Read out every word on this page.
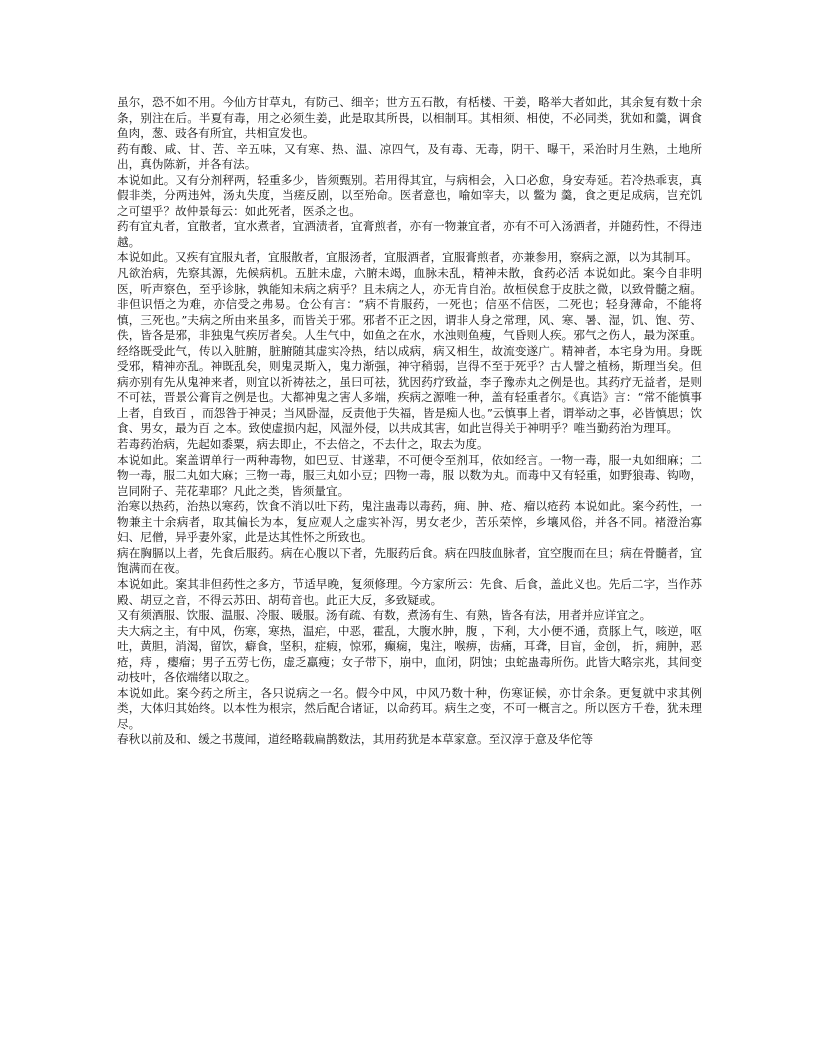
虽尔，恐不如不用。今仙方甘草丸，有防己、细辛；世方五石散，有栝楼、干姜，略举大者如此，其余复有数十余条，别注在后。半夏有毒，用之必须生姜，此是取其所畏，以相制耳。其相须、相使，不必同类，犹如和羹，调食鱼肉，葱、豉各有所宜，共相宣发也。

药有酸、咸、甘、苦、辛五味，又有寒、热、温、凉四气，及有毒、无毒，阴干、曝干，采治时月生熟，土地所出，真伪陈新，并各有法。

本说如此。又有分剂秤两，轻重多少，皆须甄别。若用得其宜，与病相会，入口必愈，身安寿延。若冷热乖衷，真假非类，分两违舛，汤丸失度，当瘥反剧，以至殆命。医者意也，喻如宰夫，以 鳖为 羹，食之更足成病，岂充饥之可望乎？故仲景每云：如此死者，医杀之也。

药有宜丸者，宜散者，宜水煮者，宜酒渍者，宜膏煎者，亦有一物兼宜者，亦有不可入汤酒者，并随药性，不得违越。

本说如此。又疾有宜服丸者，宜服散者，宜服汤者，宜服酒者，宜服膏煎者，亦兼参用，察病之源，以为其制耳。

凡欲治病，先察其源，先候病机。五脏未虚，六腑未竭，血脉未乱，精神未散，食药必活 本说如此。案今自非明医，听声察色，至乎诊脉，孰能知未病之病乎？且未病之人，亦无肯自治。故桓侯怠于皮肤之微，以致骨髓之痼。非但识悟之为难，亦信受之弗易。仓公有言：“病不肯服药，一死也；信巫不信医，二死也；轻身薄命，不能将慎，三死也。”夫病之所由来虽多，而皆关于邪。邪者不正之因，谓非人身之常理，风、寒、暑、湿，饥、饱、劳、佚，皆各是邪，非独鬼气疾厉者矣。人生气中，如鱼之在水，水浊则鱼瘦，气昏则人疾。邪气之伤人，最为深重。经络既受此气，传以入脏腑，脏腑随其虚实冷热，结以成病，病又相生，故流变遂广。精神者，本宅身为用。身既受邪，精神亦乱。神既乱矣，则鬼灵斯入，鬼力渐强，神守稍弱，岂得不至于死乎？古人譬之植杨，斯理当矣。但病亦别有先从鬼神来者，则宜以祈祷祛之，虽曰可祛，犹因药疗致益，李子豫赤丸之例是也。其药疗无益者，是则不可祛，晋景公膏肓之例是也。大都神鬼之害人多端，疾病之源唯一种，盖有轻重者尔。《真诰》言：“常不能慎事上者，自致百 ，而怨咎于神灵；当风卧湿，反责他于失福，皆是痴人也。”云慎事上者，谓举动之事，必皆慎思；饮食、男女，最为百 之本。致使虚损内起，风湿外侵，以共成其害，如此岂得关于神明乎？唯当勤药治为理耳。

若毒药治病，先起如黍粟，病去即止，不去倍之，不去什之，取去为度。

本说如此。案盖谓单行一两种毒物，如巴豆、甘遂辈，不可便令至剂耳，依如经言。一物一毒，服一丸如细麻；二物一毒，服二丸如大麻；三物一毒，服三丸如小豆；四物一毒，服 以数为丸。而毒中又有轻重，如野狼毒、钩吻，岂同附子、芫花辈耶？凡此之类，皆须量宜。

治寒以热药，治热以寒药，饮食不消以吐下药，鬼注蛊毒以毒药，痈、肿、疮、瘤以疮药 本说如此。案今药性，一物兼主十余病者，取其偏长为本，复应观人之虚实补泻，男女老少，苦乐荣悴，乡壤风俗，并各不同。褚澄治寡妇、尼僧，异乎妻外家，此是达其性怀之所致也。

病在胸膈以上者，先食后服药。病在心腹以下者，先服药后食。病在四肢血脉者，宜空腹而在旦；病在骨髓者，宜饱满而在夜。

本说如此。案其非但药性之多方，节适早晚，复须修理。今方家所云：先食、后食，盖此义也。先后二字，当作苏殿、胡豆之音，不得云苏田、胡苟音也。此正大反，多致疑或。

又有须酒服、饮服、温服、冷服、暖服。汤有疏、有数，煮汤有生、有熟，皆各有法，用者并应详宜之。

夫大病之主，有中风，伤寒，寒热，温疟，中恶，霍乱，大腹水肿，腹 ，下利，大小便不通，贲豚上气，咳逆，呕吐，黄胆，消渴，留饮，癖食，坚积，症瘕，惊邪，癫痫，鬼注，喉痹，齿痛，耳聋，目盲，金创， 折，痈肿，恶疮，痔 ，瘿瘤；男子五劳七伤，虚乏羸瘦；女子带下，崩中，血闭，阴蚀；虫蛇蛊毒所伤。此皆大略宗兆，其间变动枝叶，各依端绪以取之。

本说如此。案今药之所主，各只说病之一名。假今中风，中风乃数十种，伤寒证候，亦廿余条。更复就中求其例类，大体归其始终。以本性为根宗，然后配合诸证，以命药耳。病生之变，不可一概言之。所以医方千卷，犹未理尽。

春秋以前及和、缓之书蔑闻，道经略载扁鹊数法，其用药犹是本草家意。至汉淳于意及华佗等
